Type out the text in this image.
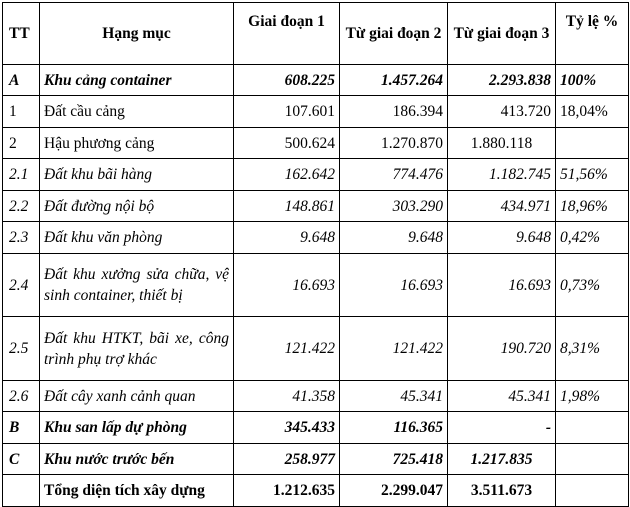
TT	Hạng mục	Giai đoạn 1	Từ giai đoạn 2	Từ giai đoạn 3	Tỷ lệ %
A	Khu cảng container	608.225	1.457.264	2.293.838	100%
1	Đất cầu cảng	107.601	186.394	413.720	18,04%
2	Hậu phương cảng	500.624	1.270.870	1.880.118	
2.1	Đất khu bãi hàng	162.642	774.476	1.182.745	51,56%
2.2	Đất đường nội bộ	148.861	303.290	434.971	18,96%
2.3	Đất khu văn phòng	9.648	9.648	9.648	0,42%
2.4	Đất khu xưởng sửa chữa, vệ sinh container, thiết bị	16.693	16.693	16.693	0,73%
2.5	Đất khu HTKT, bãi xe, công trình phụ trợ khác	121.422	121.422	190.720	8,31%
2.6	Đất cây xanh cảnh quan	41.358	45.341	45.341	1,98%
B	Khu san lấp dự phòng	345.433	116.365	-	
C	Khu nước trước bến	258.977	725.418	1.217.835	
	Tổng diện tích xây dựng	1.212.635	2.299.047	3.511.673	
